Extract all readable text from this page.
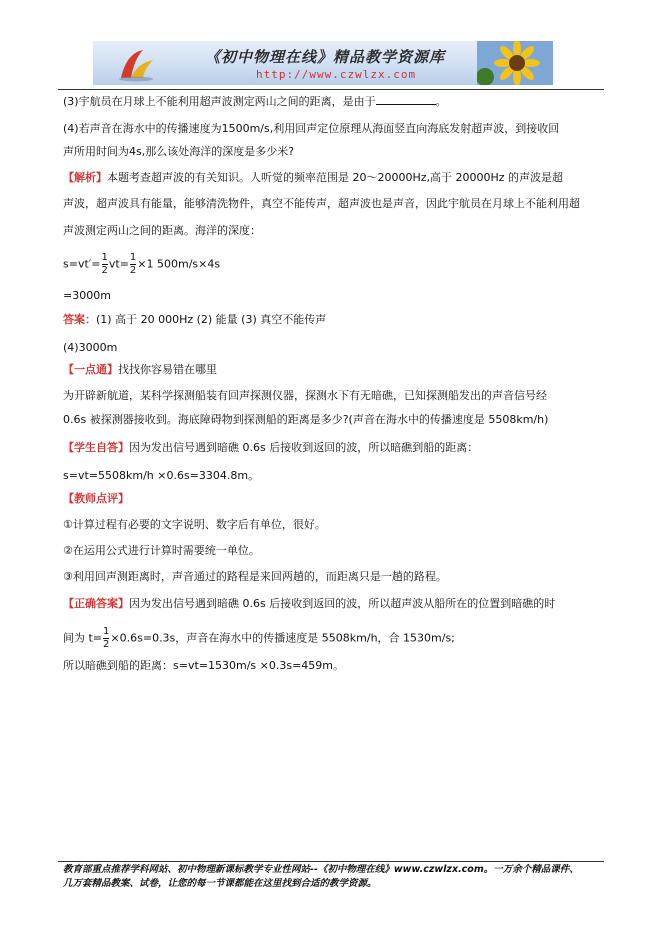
《初中物理在线》精品教学资源库
http://www.czwlzx.com
(3)宇航员在月球上不能利用超声波测定两山之间的距离，是由于	。
(4)若声音在海水中的传播速度为1500m/s,利用回声定位原理从海面竖直向海底发射超声波，到接收回
声所用时间为4s,那么该处海洋的深度是多少米?
【解析】本题考查超声波的有关知识。人听觉的频率范围是 20～20000Hz,高于 20000Hz 的声波是超
声波，超声波具有能量，能够清洗物件，真空不能传声，超声波也是声音，因此宇航员在月球上不能利用超
声波测定两山之间的距离。海洋的深度：
$s=vt'=\frac{1}{2} vt=\frac{1}{2} \times 1$ 500m/s×4s
=3000m
答案：(1) 高于 20 000Hz (2) 能量 (3) 真空不能传声
(4)3000m
【一点通】找找你容易错在哪里
为开辟新航道，某科学探测船装有回声探测仪器，探测水下有无暗礁，已知探测船发出的声音信号经
0.6s 被探测器接收到。海底障碍物到探测船的距离是多少?(声音在海水中的传播速度是 5508km/h)
【学生自答】因为发出信号遇到暗礁 0.6s 后接收到返回的波，所以暗礁到船的距离：
s=vt=5508km/h ×0.6s=3304.8m。
【教师点评】
①计算过程有必要的文字说明、数字后有单位，很好。
②在运用公式进行计算时需要统一单位。
③利用回声测距离时，声音通过的路程是来回两趟的，而距离只是一趟的路程。
【正确答案】因为发出信号遇到暗礁 0.6s 后接收到返回的波，所以超声波从船所在的位置到暗礁的时
间为 $t=\frac{1}{2} \times 0.6s=0.3s$，声音在海水中的传播速度是 5508km/h，合 1530m/s;
所以暗礁到船的距离：s=vt=1530m/s ×0.3s=459m。
教育部重点推荐学科网站、初中物理新课标教学专业性网站--《初中物理在线》www.czwlzx.com。一万余个精品课件、
几万套精品教案、试卷，让您的每一节课都能在这里找到合适的教学资源。
